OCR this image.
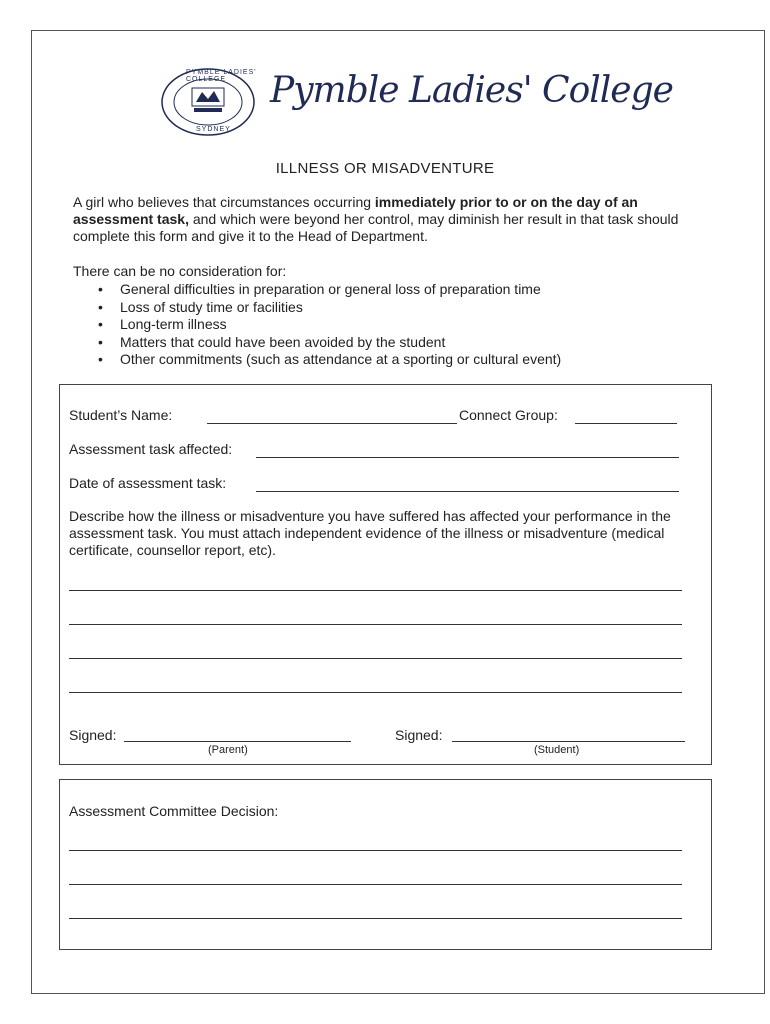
PYMBLE LADIES' COLLEGE
SYDNEY
Pymble Ladies' College
ILLNESS OR MISADVENTURE
A girl who believes that circumstances occurring immediately prior to or on the day of an assessment task, and which were beyond her control, may diminish her result in that task should complete this form and give it to the Head of Department.
There can be no consideration for:
• General difficulties in preparation or general loss of preparation time
• Loss of study time or facilities
• Long-term illness
• Matters that could have been avoided by the student
• Other commitments (such as attendance at a sporting or cultural event)
Student’s Name:	Connect Group:
Assessment task affected:
Date of assessment task:
Describe how the illness or misadventure you have suffered has affected your performance in the assessment task. You must attach independent evidence of the illness or misadventure (medical certificate, counsellor report, etc).
Signed:
(Parent)
Signed:
(Student)
Assessment Committee Decision:
